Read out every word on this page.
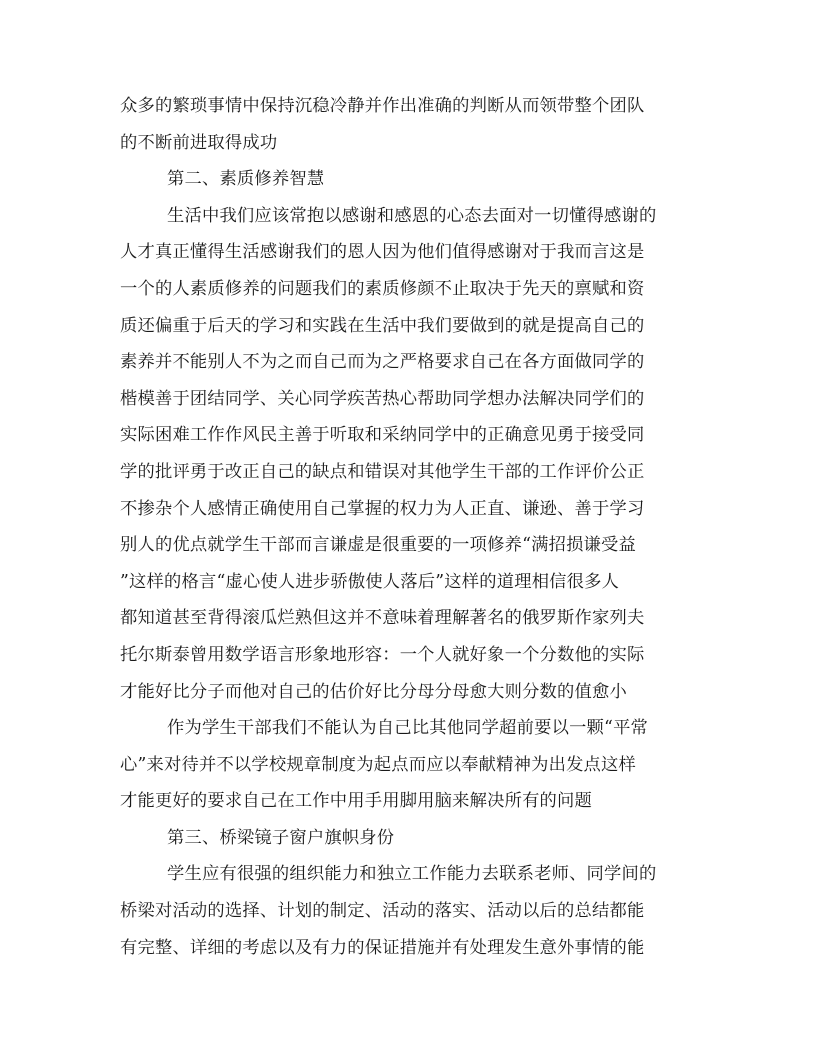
众多的繁琐事情中保持沉稳冷静并作出准确的判断从而领带整个团队
的不断前进取得成功
第二、素质修养智慧
生活中我们应该常抱以感谢和感恩的心态去面对一切懂得感谢的
人才真正懂得生活感谢我们的恩人因为他们值得感谢对于我而言这是
一个的人素质修养的问题我们的素质修颜不止取决于先天的禀赋和资
质还偏重于后天的学习和实践在生活中我们要做到的就是提高自己的
素养并不能别人不为之而自己而为之严格要求自己在各方面做同学的
楷模善于团结同学、关心同学疾苦热心帮助同学想办法解决同学们的
实际困难工作作风民主善于听取和采纳同学中的正确意见勇于接受同
学的批评勇于改正自己的缺点和错误对其他学生干部的工作评价公正
不掺杂个人感情正确使用自己掌握的权力为人正直、谦逊、善于学习
别人的优点就学生干部而言谦虚是很重要的一项修养“满招损谦受益
”这样的格言“虚心使人进步骄傲使人落后”这样的道理相信很多人
都知道甚至背得滚瓜烂熟但这并不意味着理解著名的俄罗斯作家列夫
托尔斯泰曾用数学语言形象地形容：一个人就好象一个分数他的实际
才能好比分子而他对自己的估价好比分母分母愈大则分数的值愈小
作为学生干部我们不能认为自己比其他同学超前要以一颗“平常
心”来对待并不以学校规章制度为起点而应以奉献精神为出发点这样
才能更好的要求自己在工作中用手用脚用脑来解决所有的问题
第三、桥梁镜子窗户旗帜身份
学生应有很强的组织能力和独立工作能力去联系老师、同学间的
桥梁对活动的选择、计划的制定、活动的落实、活动以后的总结都能
有完整、详细的考虑以及有力的保证措施并有处理发生意外事情的能
